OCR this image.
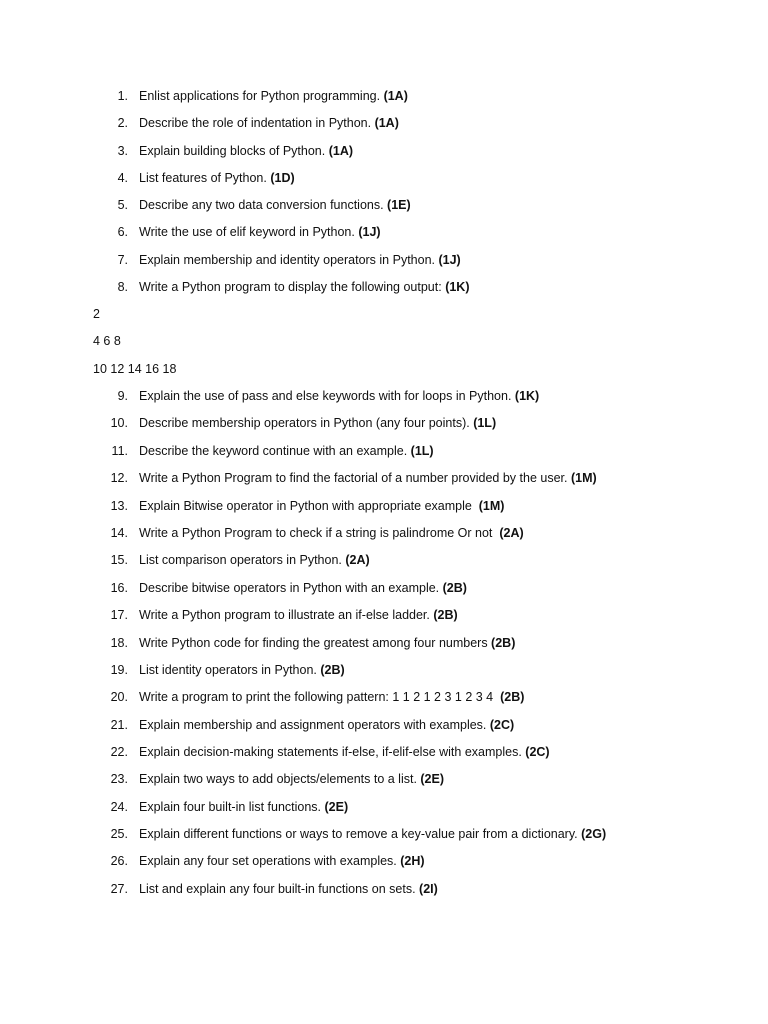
1. Enlist applications for Python programming. (1A)
2. Describe the role of indentation in Python. (1A)
3. Explain building blocks of Python. (1A)
4. List features of Python. (1D)
5. Describe any two data conversion functions. (1E)
6. Write the use of elif keyword in Python. (1J)
7. Explain membership and identity operators in Python. (1J)
8. Write a Python program to display the following output: (1K)
2
4 6 8
10 12 14 16 18
9. Explain the use of pass and else keywords with for loops in Python. (1K)
10. Describe membership operators in Python (any four points). (1L)
11. Describe the keyword continue with an example. (1L)
12. Write a Python Program to find the factorial of a number provided by the user. (1M)
13. Explain Bitwise operator in Python with appropriate example  (1M)
14. Write a Python Program to check if a string is palindrome Or not  (2A)
15. List comparison operators in Python. (2A)
16. Describe bitwise operators in Python with an example. (2B)
17. Write a Python program to illustrate an if-else ladder. (2B)
18. Write Python code for finding the greatest among four numbers (2B)
19. List identity operators in Python. (2B)
20. Write a program to print the following pattern: 1 1 2 1 2 3 1 2 3 4  (2B)
21. Explain membership and assignment operators with examples. (2C)
22. Explain decision-making statements if-else, if-elif-else with examples. (2C)
23. Explain two ways to add objects/elements to a list. (2E)
24. Explain four built-in list functions. (2E)
25. Explain different functions or ways to remove a key-value pair from a dictionary. (2G)
26. Explain any four set operations with examples. (2H)
27. List and explain any four built-in functions on sets. (2I)
